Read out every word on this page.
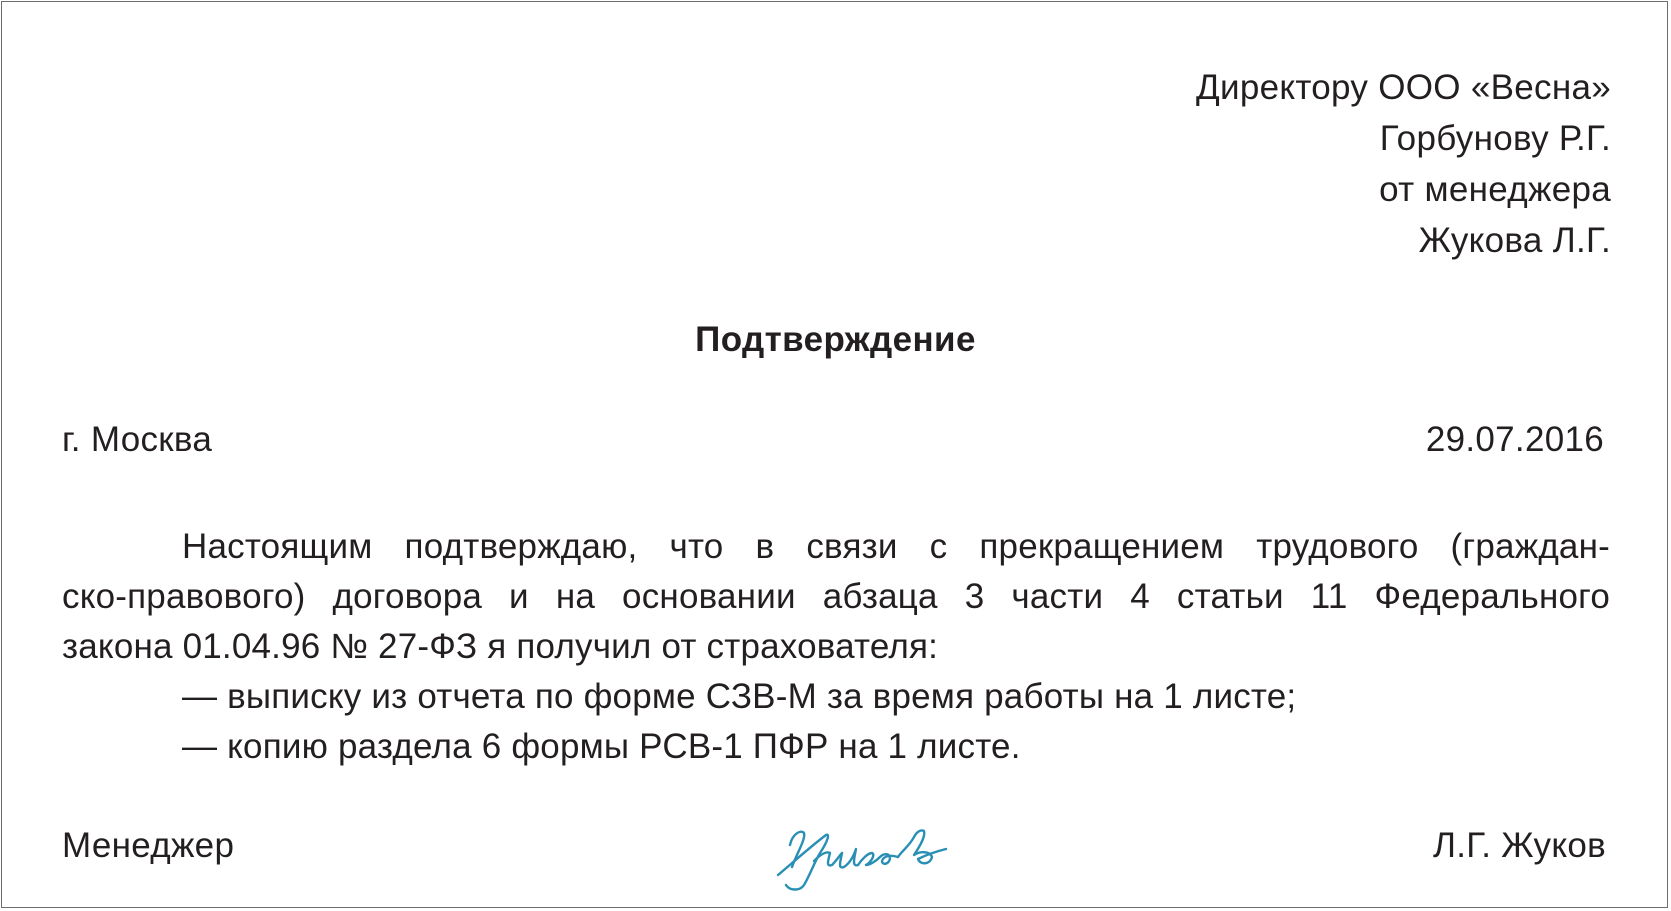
Директору ООО «Весна»
Горбунову Р.Г.
от менеджера
Жукова Л.Г.
Подтверждение
г. Москва	29.07.2016
Настоящим подтверждаю, что в связи с прекращением трудового (граждан-
ско-правового) договора и на основании абзаца 3 части 4 статьи 11 Федерального
закона 01.04.96 № 27-ФЗ я получил от страхователя:
— выписку из отчета по форме СЗВ-М за время работы на 1 листе;
— копию раздела 6 формы РСВ-1 ПФР на 1 листе.
Менеджер	Л.Г. Жуков
